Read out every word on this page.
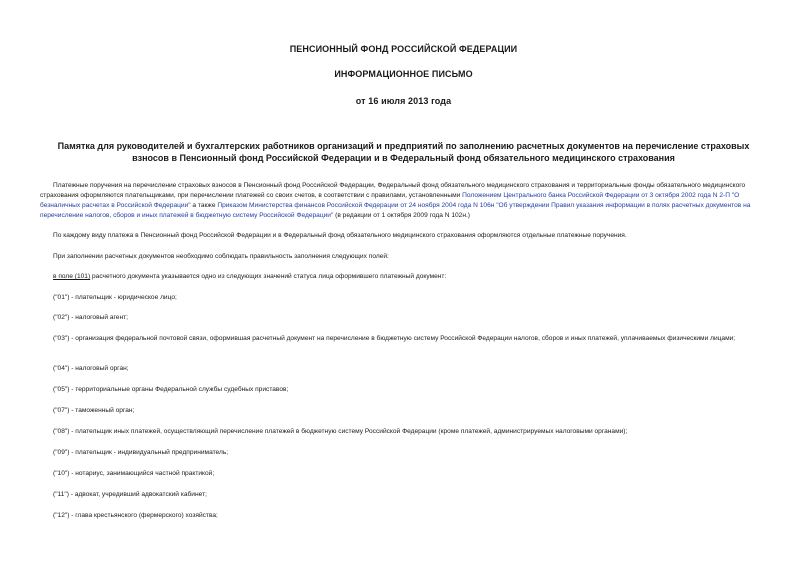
ПЕНСИОННЫЙ ФОНД РОССИЙСКОЙ ФЕДЕРАЦИИ
ИНФОРМАЦИОННОЕ ПИСЬМО
от 16 июля 2013 года
Памятка для руководителей и бухгалтерских работников организаций и предприятий по заполнению расчетных документов на перечисление страховых взносов в Пенсионный фонд Российской Федерации и в Федеральный фонд обязательного медицинского страхования

Платежные поручения на перечисление страховых взносов в Пенсионный фонд Российской Федерации, Федеральный фонд обязательного медицинского страхования и территориальные фонды обязательного медицинского страхования оформляются плательщиками, при перечислении платежей со своих счетов, в соответствии с правилами, установленными Положением Центрального банка Российской Федерации от 3 октября 2002 года N 2-П "О безналичных расчетах в Российской Федерации" а также Приказом Министерства финансов Российской Федерации от 24 ноября 2004 года N 106н "Об утверждении Правил указания информации в полях расчетных документов на перечисление налогов, сборов и иных платежей в бюджетную систему Российской Федерации" (в редакции от 1 октября 2009 года N 102н.)

По каждому виду платежа в Пенсионный фонд Российской Федерации и в Федеральный фонд обязательного медицинского страхования оформляются отдельные платежные поручения.

При заполнении расчетных документов необходимо соблюдать правильность заполнения следующих полей:

в поле (101) расчетного документа указывается одно из следующих значений статуса лица оформившего платежный документ:

("01") - плательщик - юридическое лицо;

("02") - налоговый агент;

("03") - организация федеральной почтовой связи, оформившая расчетный документ на перечисление в бюджетную систему Российской Федерации налогов, сборов и иных платежей, уплачиваемых физическими лицами;

("04") - налоговый орган;

("05") - территориальные органы Федеральной службы судебных приставов;

("07") - таможенный орган;

("08") - плательщик иных платежей, осуществляющий перечисление платежей в бюджетную систему Российской Федерации (кроме платежей, администрируемых налоговыми органами);

("09") - плательщик - индивидуальный предприниматель;

("10") - нотариус, занимающийся частной практикой;

("11") - адвокат, учредивший адвокатский кабинет;

("12") - глава крестьянского (фермерского) хозяйства;
